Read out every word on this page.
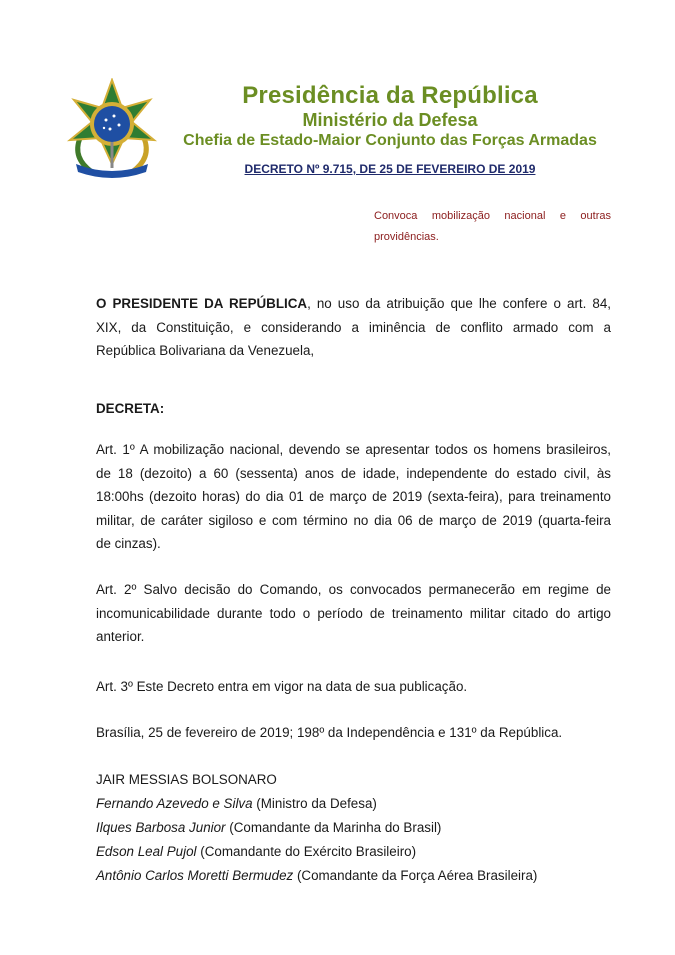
Presidência da República
Ministério da Defesa
Chefia de Estado-Maior Conjunto das Forças Armadas
DECRETO Nº 9.715, DE 25 DE FEVEREIRO DE 2019
Convoca mobilização nacional e outras
providências.
O PRESIDENTE DA REPÚBLICA, no uso da atribuição que lhe confere o art. 84,
XIX, da Constituição, e considerando a iminência de conflito armado com a
República Bolivariana da Venezuela,
DECRETA:
Art. 1º A mobilização nacional, devendo se apresentar todos os homens brasileiros,
de 18 (dezoito) a 60 (sessenta) anos de idade, independente do estado civil, às
18:00hs (dezoito horas) do dia 01 de março de 2019 (sexta-feira), para treinamento
militar, de caráter sigiloso e com término no dia 06 de março de 2019 (quarta-feira
de cinzas).
Art. 2º Salvo decisão do Comando, os convocados permanecerão em regime de
incomunicabilidade durante todo o período de treinamento militar citado do artigo
anterior.
Art. 3º Este Decreto entra em vigor na data de sua publicação.
Brasília, 25 de fevereiro de 2019; 198º da Independência e 131º da República.
JAIR MESSIAS BOLSONARO
Fernando Azevedo e Silva (Ministro da Defesa)
Ilques Barbosa Junior (Comandante da Marinha do Brasil)
Edson Leal Pujol (Comandante do Exército Brasileiro)
Antônio Carlos Moretti Bermudez (Comandante da Força Aérea Brasileira)
